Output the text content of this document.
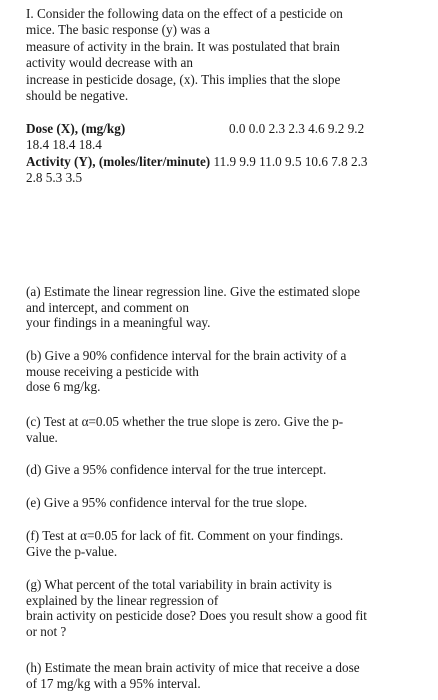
I. Consider the following data on the effect of a pesticide on
mice. The basic response (y) was a
measure of activity in the brain. It was postulated that brain
activity would decrease with an
increase in pesticide dosage, (x). This implies that the slope
should be negative.
Dose (X), (mg/kg)	0.0 0.0 2.3 2.3 4.6 9.2 9.2
18.4 18.4 18.4
Activity (Y), (moles/liter/minute) 11.9 9.9 11.0 9.5 10.6 7.8 2.3
2.8 5.3 3.5
(a) Estimate the linear regression line. Give the estimated slope
and intercept, and comment on
your findings in a meaningful way.
(b) Give a 90% confidence interval for the brain activity of a
mouse receiving a pesticide with
dose 6 mg/kg.
(c) Test at α=0.05 whether the true slope is zero. Give the p-
value.
(d) Give a 95% confidence interval for the true intercept.
(e) Give a 95% confidence interval for the true slope.
(f) Test at α=0.05 for lack of fit. Comment on your findings.
Give the p-value.
(g) What percent of the total variability in brain activity is
explained by the linear regression of
brain activity on pesticide dose? Does you result show a good fit
or not ?
(h) Estimate the mean brain activity of mice that receive a dose
of 17 mg/kg with a 95% interval.
